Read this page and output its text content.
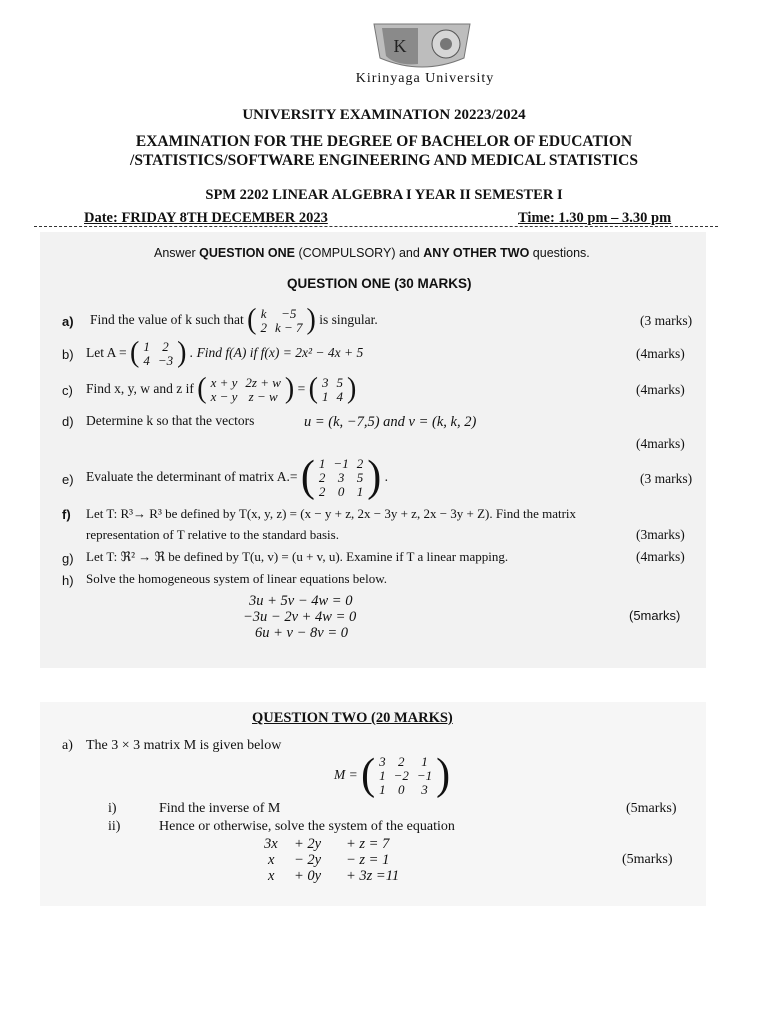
K
Kirinyaga University
UNIVERSITY EXAMINATION 20223/2024
EXAMINATION FOR THE DEGREE OF BACHELOR OF EDUCATION
/STATISTICS/SOFTWARE ENGINEERING AND MEDICAL STATISTICS
SPM 2202 LINEAR ALGEBRA I YEAR II SEMESTER I
Date: FRIDAY 8TH DECEMBER 2023	Time: 1.30 pm – 3.30 pm
Answer QUESTION ONE (COMPULSORY) and ANY OTHER TWO questions.
QUESTION ONE (30 MARKS)
a) Find the value of k such that ( k	−5
2	k − 7 ) is singular.	(3 marks)
b) Let A = ( 1	2
4	−3 ) . Find f(A) if f(x) = 2x² − 4x + 5	(4marks)
c) Find x, y, w and z if ( x + y	2z + w
x − y	z − w ) = ( 3	5
1	4 )	(4marks)
d) Determine k so that the vectors	u = (k, −7,5) and v = (k, k, 2)
(4marks)
e) Evaluate the determinant of matrix A.= ( 1	−1	2
2	3	5
2	0	1 ) .	(3 marks)
f) Let T: R³→ R³ be defined by T(x, y, z) = (x − y + z, 2x − 3y + z, 2x − 3y + Z). Find the matrix
representation of T relative to the standard basis.	(3marks)
g) Let T: ℜ² → ℜ be defined by T(u, v) = (u + v, u). Examine if T a linear mapping.	(4marks)
h) Solve the homogeneous system of linear equations below.
3u + 5v − 4w = 0
−3u − 2v + 4w = 0
6u + v − 8v = 0
(5marks)
QUESTION TWO (20 MARKS)
a) The 3 × 3 matrix M is given below
M = ( 3	2	1
1	−2	−1
1	0	3 )
i)	Find the inverse of M	(5marks)
ii)	Hence or otherwise, solve the system of the equation
(5marks)
3x + 2y + z = 7
x − 2y − z = 1
x + 0y + 3z =11
